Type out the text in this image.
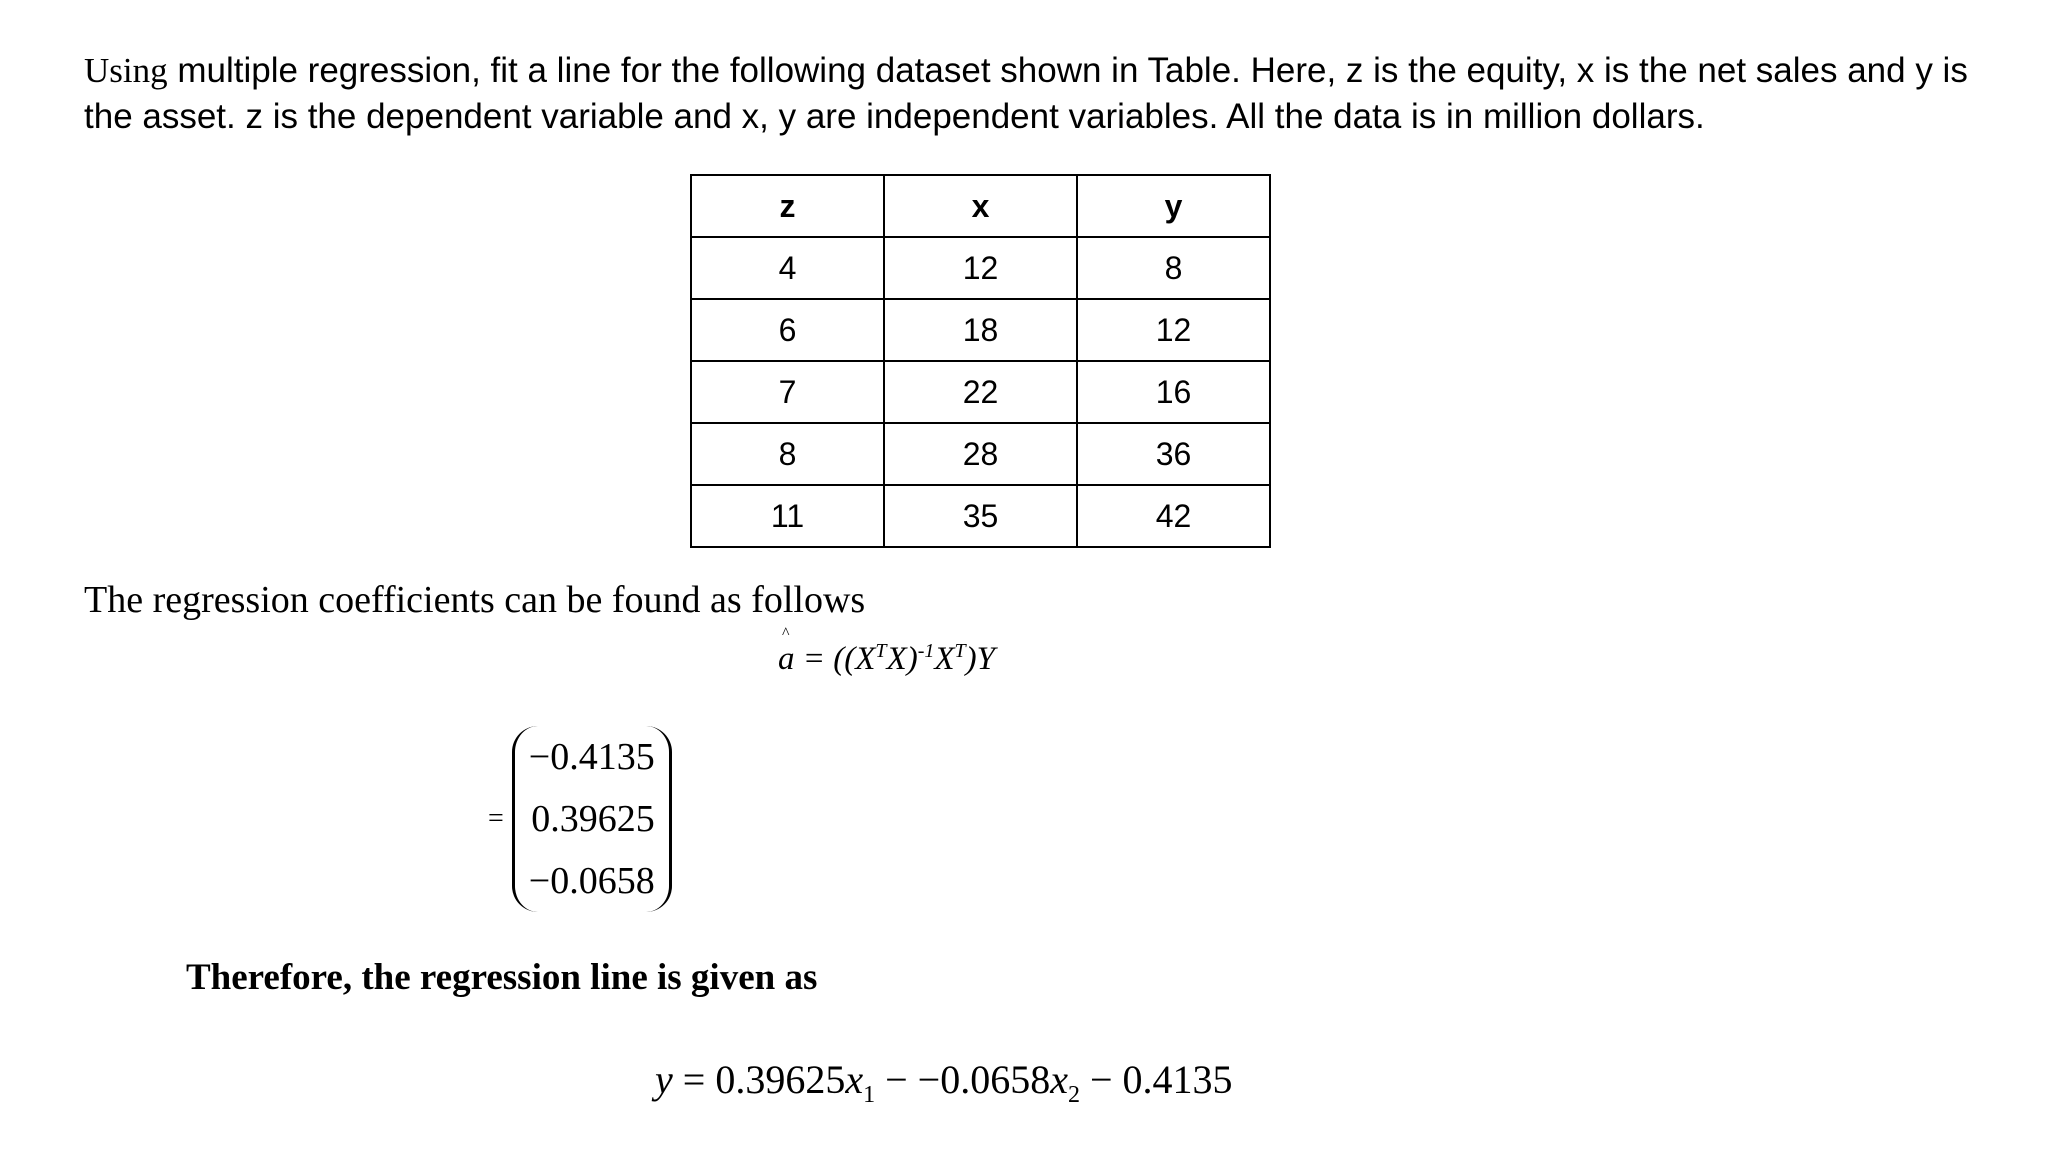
Using multiple regression, fit a line for the following dataset shown in Table. Here, z is the equity, x is the net sales and y is the asset. z is the dependent variable and x, y are independent variables. All the data is in million dollars.

z	x	y
4	12	8
6	18	12
7	22	16
8	28	36
11	35	42

The regression coefficients can be found as follows

^ $a = ((X^TX)^{-1}X^T)Y$
=
−0.4135
0.39625
−0.0658

Therefore, the regression line is given as

$y = 0.39625x_1 - -0.0658x_2 - 0.4135$
